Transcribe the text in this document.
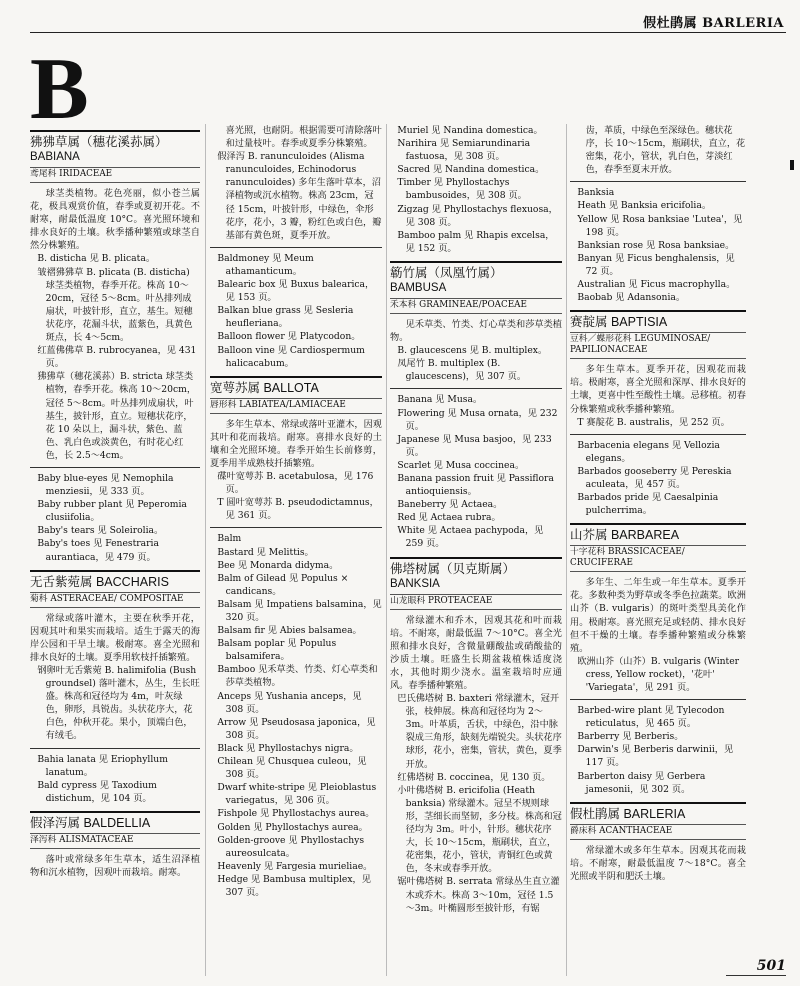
假杜鹃属 BARLERIA
B
狒狒草属（穗花溪荪属）
BABIANA

鸢尾科 IRIDACEAE

球茎类植物。花色亮丽，似小苍兰属花，极具观赏价值，春季或夏初开花。不耐寒，耐最低温度 10°C。喜光照环境和排水良好的土壤。秋季播种繁殖或球茎自然分株繁殖。

B. disticha 见 B. plicata。

皱褶狒狒草 B. plicata (B. disticha) 球茎类植物，春季开花。株高 10～20cm，冠径 5～8cm。叶丛排列成扇状，叶披针形，直立，基生。短穗状花序，花漏斗状，蓝紫色，具黄色斑点，长 4～5cm。

红蓝佛佛草 B. rubrocyanea，见 431 页。

狒狒草（穗花溪荪）B. stricta 球茎类植物，春季开花。株高 10～20cm，冠径 5～8cm。叶丛排列成扇状，叶基生，披针形，直立。短穗状花序，花 10 朵以上，漏斗状，紫色、蓝色、乳白色或淡黄色，有时花心红色，长 2.5～4cm。

Baby blue-eyes 见 Nemophila menziesii，见 333 页。

Baby rubber plant 见 Peperomia clusiifolia。

Baby's tears 见 Soleirolia。

Baby's toes 见 Fenestraria aurantiaca，见 479 页。

无舌紫菀属 BACCHARIS

菊科 ASTERACEAE/ COMPOSITAE

常绿或落叶灌木，主要在秋季开花，因观其叶和果实而栽培。适生于露天的海岸公园和干旱土壤。极耐寒。喜全光照和排水良好的土壤。夏季用软枝扦插繁殖。

钢卵叶无舌紫菀 B. halimifolia (Bush groundsel) 落叶灌木，丛生，生长旺盛。株高和冠径均为 4m，叶灰绿色，卵形，具锐齿。头状花序大，花白色，仲秋开花。果小，顶端白色，有绒毛。

Bahia lanata 见 Eriophyllum lanatum。

Bald cypress 见 Taxodium distichum，见 104 页。

假泽泻属 BALDELLIA

泽泻科 ALISMATACEAE

落叶或常绿多年生草本，适生沼泽植物和沉水植物，因观叶而栽培。耐寒。

喜光照，也耐阴。根据需要可清除落叶和过量枝叶。春季或夏季分株繁殖。

假泽泻 B. ranunculoides (Alisma ranunculoides, Echinodorus ranunculoides) 多年生落叶草本，沼泽植物或沉水植物。株高 23cm，冠径 15cm，叶披针形，中绿色，伞形花序，花小，3 瓣，粉红色或白色，瓣基部有黄色斑，夏季开放。

Baldmoney 见 Meum athamanticum。

Balearic box 见 Buxus balearica，见 153 页。

Balkan blue grass 见 Sesleria heufleriana。

Balloon flower 见 Platycodon。

Balloon vine 见 Cardiospermum halicacabum。

宽萼苏属 BALLOTA

唇形科 LABIATEA/LAMIACEAE

多年生草本、常绿或落叶亚灌木，因观其叶和花而栽培。耐寒。喜排水良好的土壤和全光照环境。春季开始生长前修剪，夏季用半成熟枝扦插繁殖。

碟叶宽萼苏 B. acetabulosa，见 176 页。

T 圆叶宽萼苏 B. pseudodictamnus，见 361 页。

Balm

Bastard 见 Melittis。

Bee 见 Monarda didyma。

Balm of Gilead 见 Populus × candicans。

Balsam 见 Impatiens balsamina，见 320 页。

Balsam fir 见 Abies balsamea。

Balsam poplar 见 Populus balsamifera。

Bamboo 见禾草类、竹类、灯心草类和莎草类植物。

Anceps 见 Yushania anceps，见 308 页。

Arrow 见 Pseudosasa japonica，见 308 页。

Black 见 Phyllostachys nigra。

Chilean 见 Chusquea culeou，见 308 页。

Dwarf white-stripe 见 Pleioblastus variegatus，见 306 页。

Fishpole 见 Phyllostachys aurea。

Golden 见 Phyllostachys aurea。

Golden-groove 见 Phyllostachys aureosulcata。

Heavenly 见 Fargesia murieliae。

Hedge 见 Bambusa multiplex，见 307 页。

Muriel 见 Nandina domestica。

Narihira 见 Semiarundinaria fastuosa，见 308 页。

Sacred 见 Nandina domestica。

Timber 见 Phyllostachys bambusoides，见 308 页。

Zigzag 见 Phyllostachys flexuosa，见 308 页。

Bamboo palm 见 Rhapis excelsa，见 152 页。

簕竹属（凤凰竹属）
BAMBUSA

禾本科 GRAMINEAE/POACEAE

见禾草类、竹类、灯心草类和莎草类植物。

B. glaucescens 见 B. multiplex。

凤尾竹 B. multiplex (B. glaucescens)，见 307 页。

Banana 见 Musa。

Flowering 见 Musa ornata，见 232 页。

Japanese 见 Musa basjoo，见 233 页。

Scarlet 见 Musa coccinea。

Banana passion fruit 见 Passiflora antioquiensis。

Baneberry 见 Actaea。

Red 见 Actaea rubra。

White 见 Actaea pachypoda，见 259 页。

佛塔树属（贝克斯属）
BANKSIA

山龙眼科 PROTEACEAE

常绿灌木和乔木，因观其花和叶而栽培。不耐寒，耐最低温 7～10°C。喜全光照和排水良好，含微量硼酸盐或硝酸盐的沙质土壤。旺盛生长期盆栽植株适度浇水，其他时期少浇水。温室栽培时应通风。春季播种繁殖。

巴氏佛塔树 B. baxteri 常绿灌木，冠开张，枝伸展。株高和冠径均为 2～3m。叶革质，舌状，中绿色，沿中脉裂成三角形，缺刻先端锐尖。头状花序球形，花小，密集，管状，黄色，夏季开放。

红佛塔树 B. coccinea，见 130 页。

小叶佛塔树 B. ericifolia (Heath banksia) 常绿灌木。冠呈不规则球形，茎细长而坚韧，多分枝。株高和冠径均为 3m。叶小，针形。穗状花序大，长 10～15cm，瓶刷状，直立，花密集，花小，管状，青铜红色或黄色，冬末或春季开放。

锯叶佛塔树 B. serrata 常绿丛生直立灌木或乔木。株高 3～10m，冠径 1.5～3m。叶椭圆形至披针形，有锯

齿，革质，中绿色至深绿色。穗状花序，长 10～15cm，瓶刷状，直立，花密集，花小，管状，乳白色，芽淡红色，春季至夏末开放。

Banksia

Heath 见 Banksia ericifolia。

Yellow 见 Rosa banksiae 'Lutea'，见 198 页。

Banksian rose 见 Rosa banksiae。

Banyan 见 Ficus benghalensis，见 72 页。

Australian 见 Ficus macrophylla。

Baobab 见 Adansonia。

赛靛属 BAPTISIA

豆科／蝶形花科 LEGUMINOSAE/ PAPILIONACEAE

多年生草本。夏季开花，因观花而栽培。极耐寒，喜全光照和深厚、排水良好的土壤，更喜中性至酸性土壤。忌移植。初春分株繁殖或秋季播种繁殖。

T 赛靛花 B. australis，见 252 页。

Barbacenia elegans 见 Vellozia elegans。

Barbados gooseberry 见 Pereskia aculeata，见 457 页。

Barbados pride 见 Caesalpinia pulcherrima。

山芥属 BARBAREA

十字花科 BRASSICACEAE/ CRUCIFERAE

多年生、二年生或一年生草本。夏季开花。多数种类为野草或冬季色拉蔬菜。欧洲山芥（B. vulgaris）的斑叶类型具美化作用。极耐寒。喜光照充足或轻荫、排水良好但不干燥的土壤。春季播种繁殖或分株繁殖。

欧洲山芥（山芥）B. vulgaris (Winter cress, Yellow rocket)，'花叶' 'Variegata'，见 291 页。

Barbed-wire plant 见 Tylecodon reticulatus，见 465 页。

Barberry 见 Berberis。

Darwin's 见 Berberis darwinii，见 117 页。

Barberton daisy 见 Gerbera jamesonii，见 302 页。

假杜鹃属 BARLERIA

爵床科 ACANTHACEAE

常绿灌木或多年生草本。因观其花而栽培。不耐寒，耐最低温度 7～18°C。喜全光照或半阴和肥沃土壤。

501
